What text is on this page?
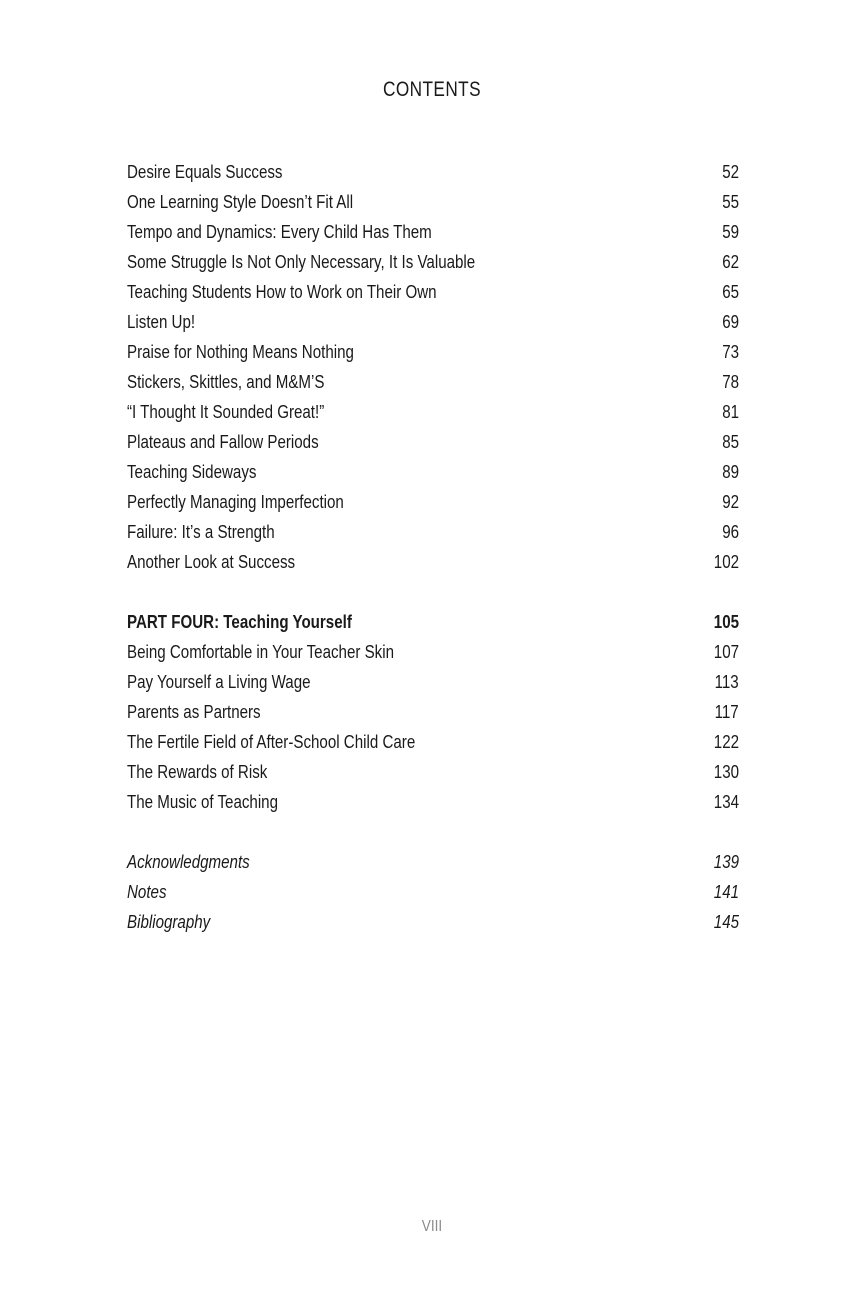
CONTENTS
Desire Equals Success	52
One Learning Style Doesn’t Fit All	55
Tempo and Dynamics: Every Child Has Them	59
Some Struggle Is Not Only Necessary, It Is Valuable	62
Teaching Students How to Work on Their Own	65
Listen Up!	69
Praise for Nothing Means Nothing	73
Stickers, Skittles, and M&M’S	78
“I Thought It Sounded Great!”	81
Plateaus and Fallow Periods	85
Teaching Sideways	89
Perfectly Managing Imperfection	92
Failure: It’s a Strength	96
Another Look at Success	102
PART FOUR: Teaching Yourself	105
Being Comfortable in Your Teacher Skin	107
Pay Yourself a Living Wage	113
Parents as Partners	117
The Fertile Field of After-School Child Care	122
The Rewards of Risk	130
The Music of Teaching	134
Acknowledgments	139
Notes	141
Bibliography	145
VIII
